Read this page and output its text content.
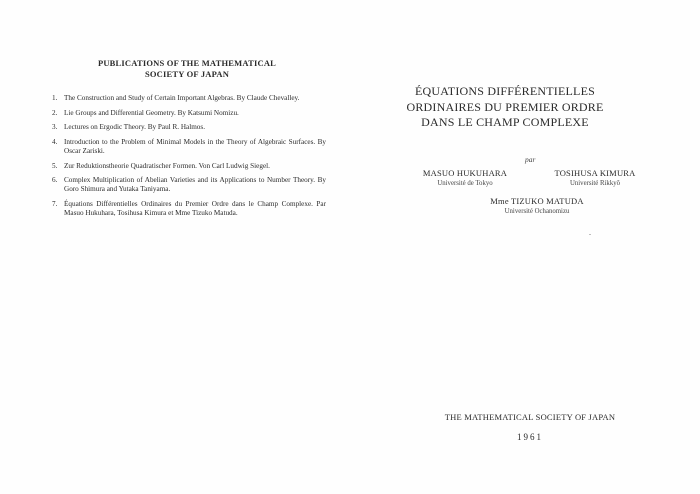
PUBLICATIONS OF THE MATHEMATICAL
SOCIETY OF JAPAN
1. The Construction and Study of Certain Important Algebras. By Claude Chevalley.
2. Lie Groups and Differential Geometry. By Katsumi Nomizu.
3. Lectures on Ergodic Theory. By Paul R. Halmos.
4. Introduction to the Problem of Minimal Models in the Theory of Algebraic Surfaces. By Oscar Zariski.
5. Zur Reduktionstheorie Quadratischer Formen. Von Carl Ludwig Siegel.
6. Complex Multiplication of Abelian Varieties and its Applications to Number Theory. By Goro Shimura and Yutaka Taniyama.
7. Équations Différentielles Ordinaires du Premier Ordre dans le Champ Complexe. Par Masuo Hukuhara, Tosihusa Kimura et Mme Tizuko Matuda.
ÉQUATIONS DIFFÉRENTIELLES
ORDINAIRES DU PREMIER ORDRE
DANS LE CHAMP COMPLEXE
par
MASUO HUKUHARA
Université de Tokyo
TOSIHUSA KIMURA
Université Rikkyô
Mme TIZUKO MATUDA
Université Ochanomizu
.
THE MATHEMATICAL SOCIETY OF JAPAN
1961
